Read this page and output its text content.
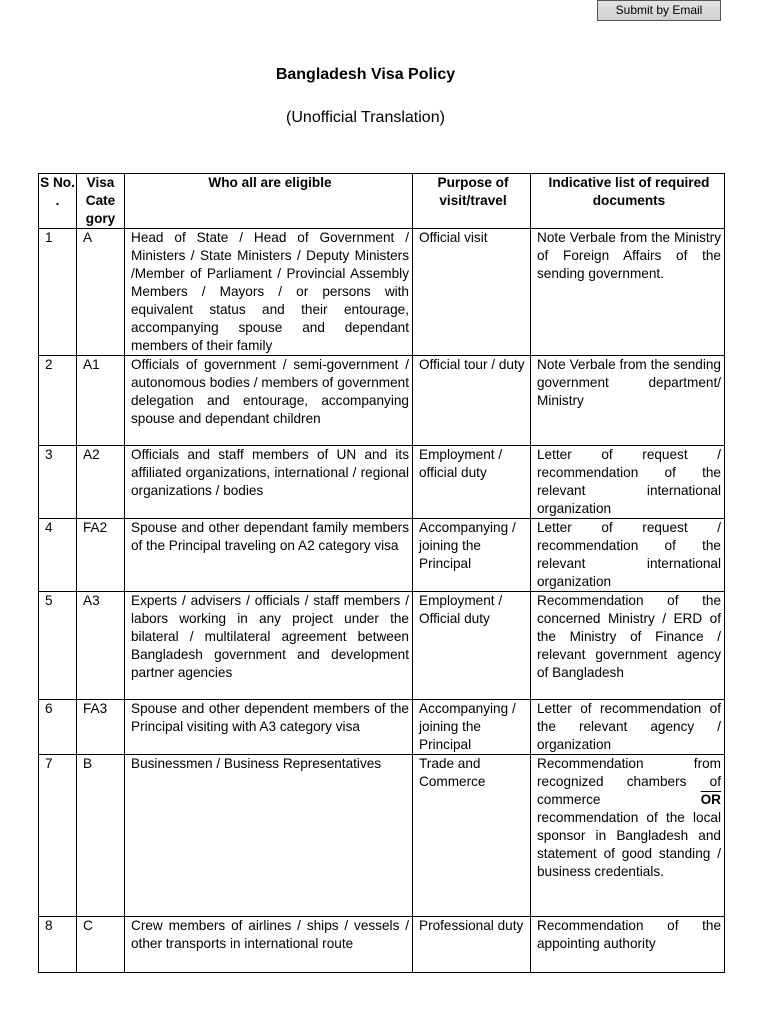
Submit by Email
Bangladesh Visa Policy
(Unofficial Translation)
S No. .	Visa Cate gory	Who all are eligible	Purpose of visit/travel	Indicative list of required documents
1	A	Head of State / Head of Government / Ministers / State Ministers / Deputy Ministers /Member of Parliament / Provincial Assembly Members / Mayors / or persons with equivalent status and their entourage, accompanying spouse and dependant members of their family	Official visit	Note Verbale from the Ministry of Foreign Affairs of the sending government.
2	A1	Officials of government / semi-government / autonomous bodies / members of government delegation and entourage, accompanying spouse and dependant children	Official tour / duty	Note Verbale from the sending government department/ Ministry
3	A2	Officials and staff members of UN and its affiliated organizations, international / regional organizations / bodies	Employment / official duty	Letter of request / recommendation of the relevant international organization
4	FA2	Spouse and other dependant family members of the Principal traveling on A2 category visa	Accompanying / joining the Principal	Letter of request / recommendation of the relevant international organization
5	A3	Experts / advisers / officials / staff members / labors working in any project under the bilateral / multilateral agreement between Bangladesh government and development partner agencies	Employment / Official duty	Recommendation of the concerned Ministry / ERD of the Ministry of Finance / relevant government agency of Bangladesh
6	FA3	Spouse and other dependent members of the Principal visiting with A3 category visa	Accompanying / joining the Principal	Letter of recommendation of the relevant agency / organization
7	B	Businessmen / Business Representatives	Trade and Commerce	Recommendation from recognized chambers of commerce $\overline{OR}$ recommendation of the local sponsor in Bangladesh and statement of good standing / business credentials.
8	C	Crew members of airlines / ships / vessels / other transports in international route	Professional duty	Recommendation of the appointing authority
